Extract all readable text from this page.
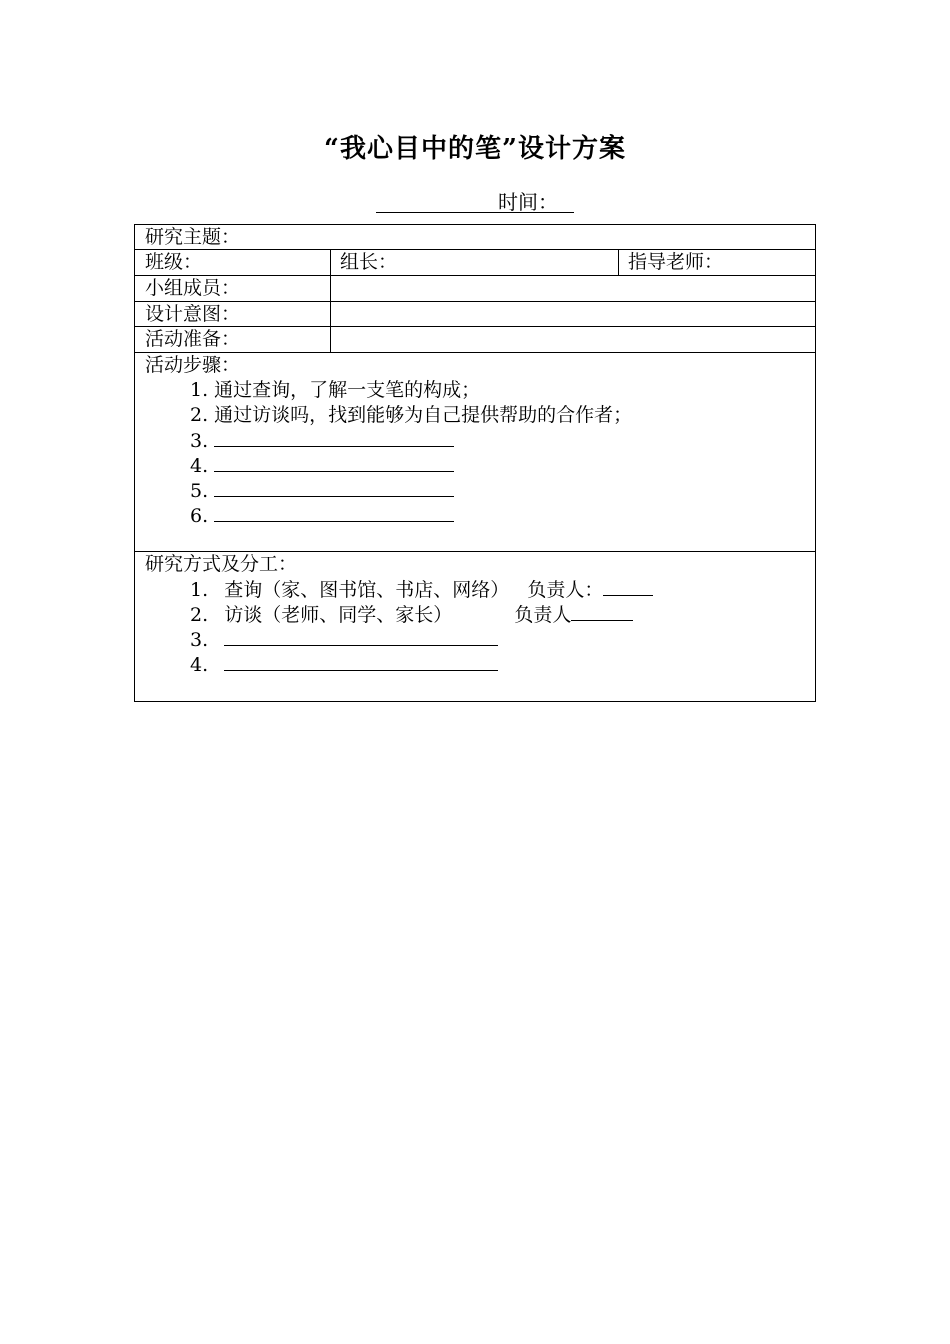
“我心目中的笔”设计方案
时间：
研究主题：
班级：	组长：	指导老师：
小组成员：
设计意图：
活动准备：
活动步骤：
1. 通过查询，了解一支笔的构成；
2. 通过访谈吗，找到能够为自己提供帮助的合作者；
3.
4.
5.
6.
研究方式及分工：
1. 查询（家、图书馆、书店、网络） 负责人：
2. 访谈（老师、同学、家长）	负责人
3.
4.
